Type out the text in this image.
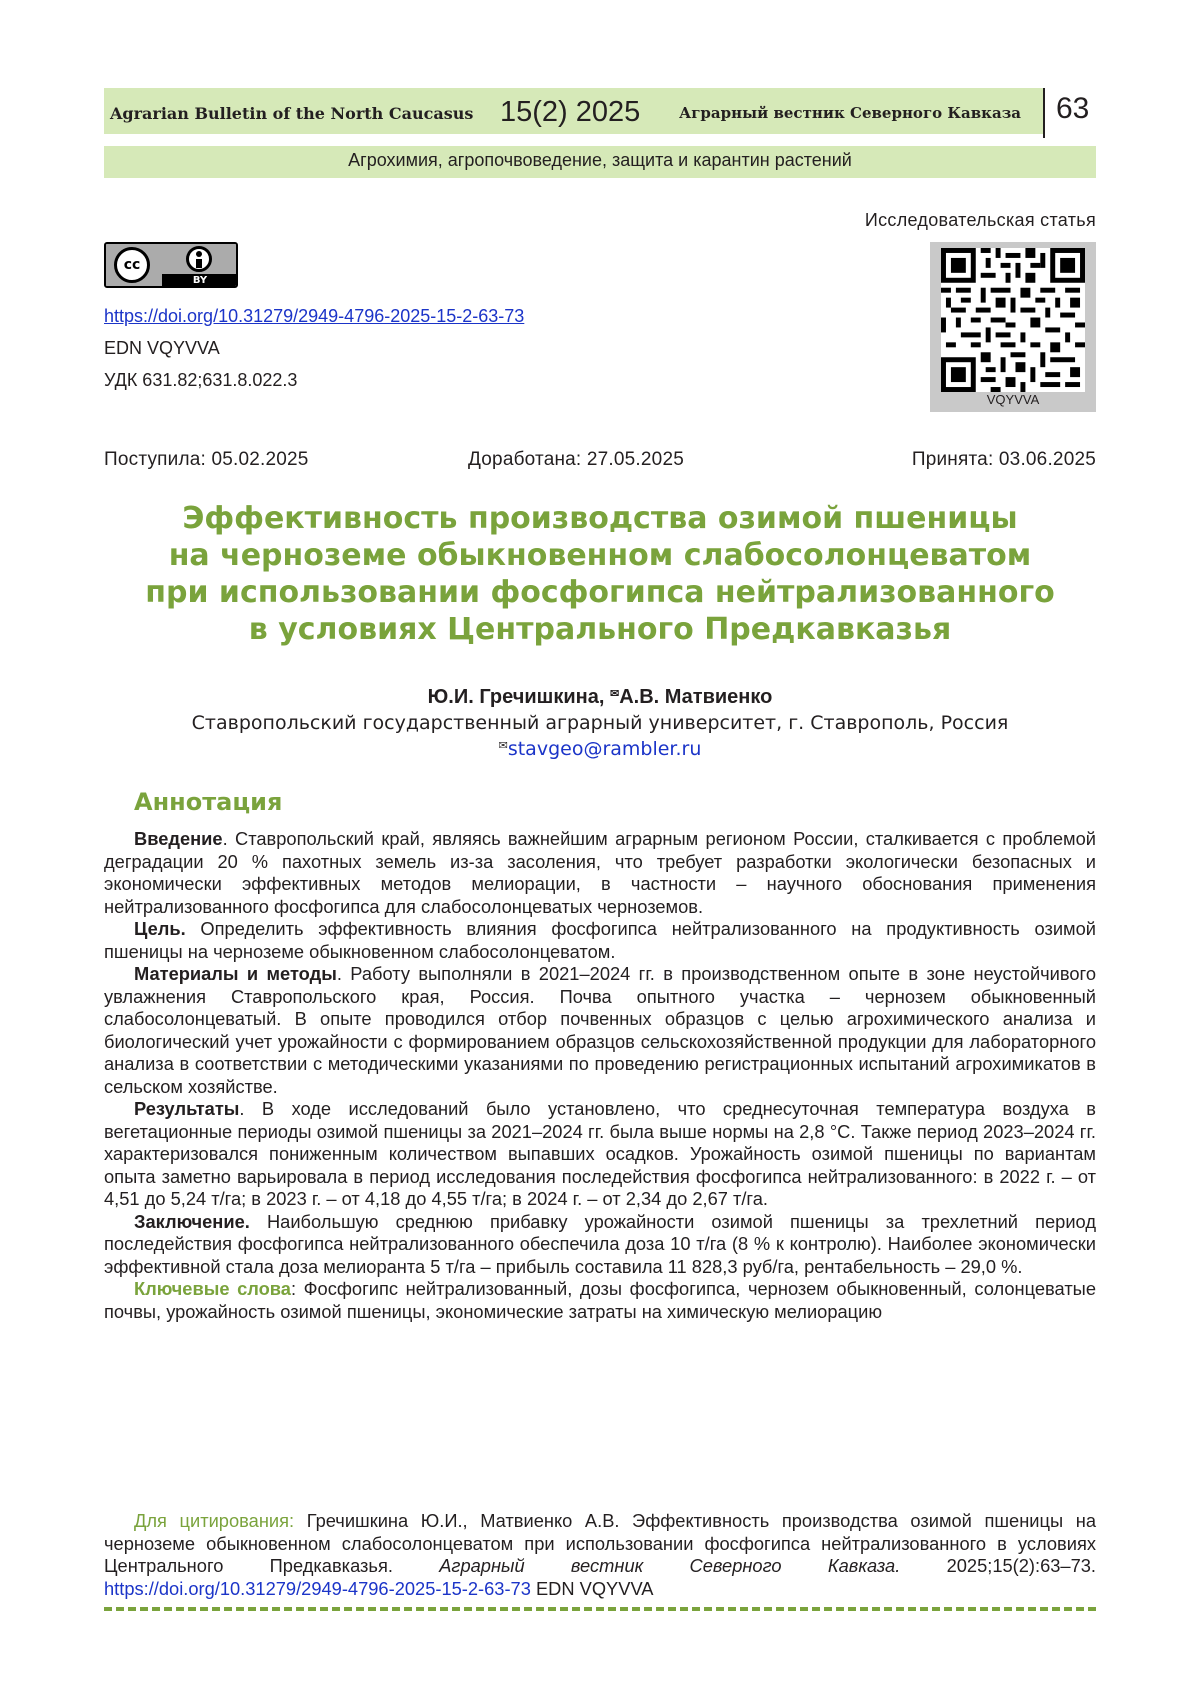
Agrarian Bulletin of the North Caucasus 15(2) 2025	Аграрный вестник Северного Кавказа 63
Агрохимия, агропочвоведение, защита и карантин растений
Исследовательская статья
cc
BY
https://doi.org/10.31279/2949-4796-2025-15-2-63-73
EDN VQYVVA
УДК 631.82;631.8.022.3
VQYVVA
Поступила: 05.02.2025	Доработана: 27.05.2025	Принята: 03.06.2025
Эффективность производства озимой пшеницы
на черноземе обыкновенном слабосолонцеватом
при использовании фосфогипса нейтрализованного
в условиях Центрального Предкавказья
Ю.И. Гречишкина, ✉А.В. Матвиенко
Ставропольский государственный аграрный университет, г. Ставрополь, Россия
✉stavgeo@rambler.ru
Аннотация

Введение. Ставропольский край, являясь важнейшим аграрным регионом России, сталкивается с проблемой деградации 20 % пахотных земель из-за засоления, что требует разработки экологически безопасных и экономически эффективных методов мелиорации, в частности – научного обоснования применения нейтрализованного фосфогипса для слабосолонцеватых черноземов.

Цель. Определить эффективность влияния фосфогипса нейтрализованного на продуктивность озимой пшеницы на черноземе обыкновенном слабосолонцеватом.

Материалы и методы. Работу выполняли в 2021–2024 гг. в производственном опыте в зоне неустойчивого увлажнения Ставропольского края, Россия. Почва опытного участка – чернозем обыкновенный слабосолонцеватый. В опыте проводился отбор почвенных образцов с целью агрохимического анализа и биологический учет урожайности с формированием образцов сельскохозяйственной продукции для лабораторного анализа в соответствии с методическими указаниями по проведению регистрационных испытаний агрохимикатов в сельском хозяйстве.

Результаты. В ходе исследований было установлено, что среднесуточная температура воздуха в вегетационные периоды озимой пшеницы за 2021–2024 гг. была выше нормы на 2,8 °С. Также период 2023–2024 гг. характеризовался пониженным количеством выпавших осадков. Урожайность озимой пшеницы по вариантам опыта заметно варьировала в период исследования последействия фосфогипса нейтрализованного: в 2022 г. – от 4,51 до 5,24 т/га; в 2023 г. – от 4,18 до 4,55 т/га; в 2024 г. – от 2,34 до 2,67 т/га.

Заключение. Наибольшую среднюю прибавку урожайности озимой пшеницы за трехлетний период последействия фосфогипса нейтрализованного обеспечила доза 10 т/га (8 % к контролю). Наиболее экономически эффективной стала доза мелиоранта 5 т/га – прибыль составила 11 828,3 руб/га, рентабельность – 29,0 %.

Ключевые слова: Фосфогипс нейтрализованный, дозы фосфогипса, чернозем обыкновенный, солонцеватые почвы, урожайность озимой пшеницы, экономические затраты на химическую мелиорацию

Для цитирования: Гречишкина Ю.И., Матвиенко А.В. Эффективность производства озимой пшеницы на черноземе обыкновенном слабосолонцеватом при использовании фосфогипса нейтрализованного в условиях Центрального Предкавказья. Аграрный вестник Северного Кавказа. 2025;15(2):63–73. https://doi.org/10.31279/2949-4796-2025-15-2-63-73 EDN VQYVVA
